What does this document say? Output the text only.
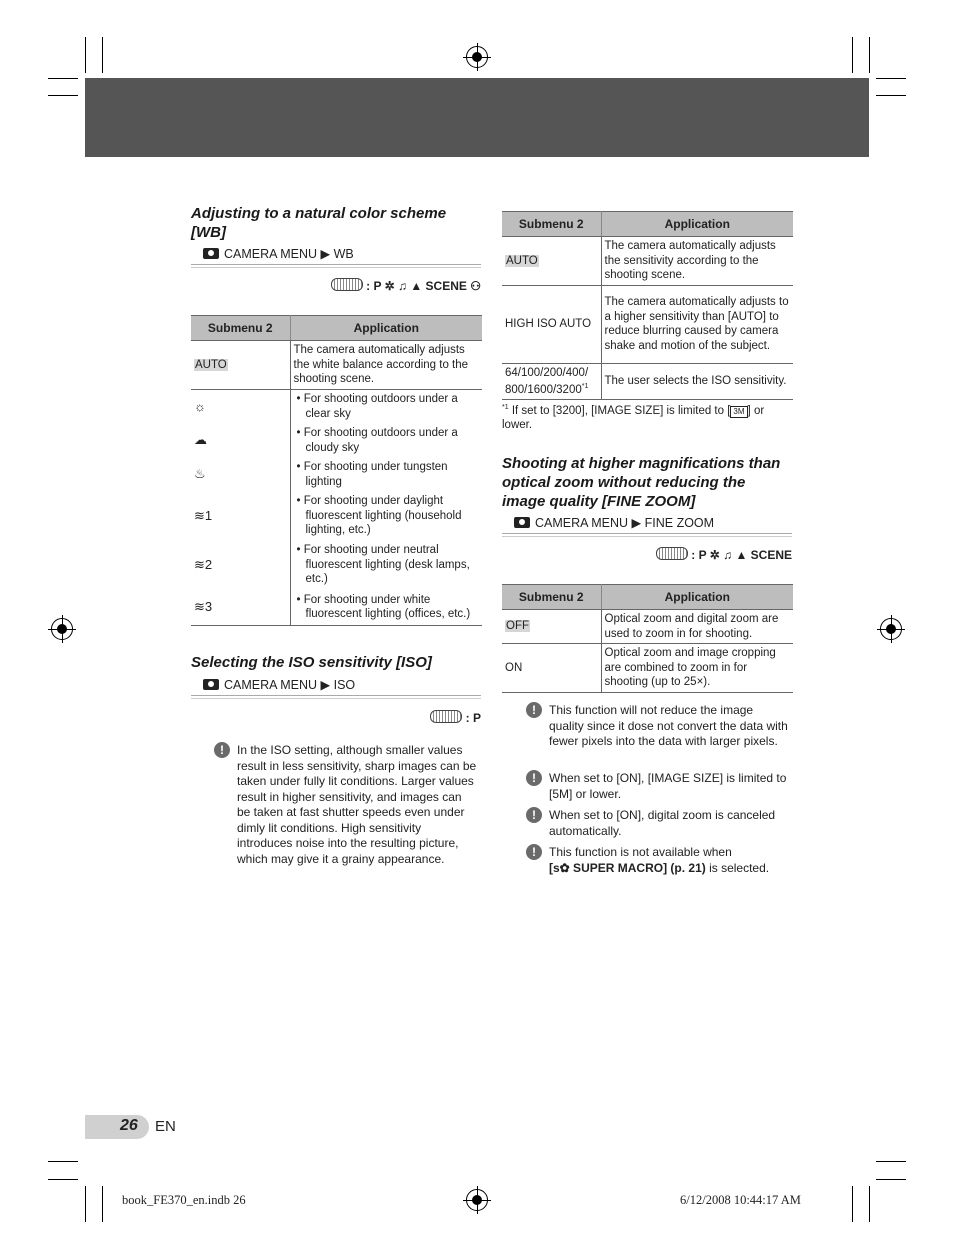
Adjusting to a natural color scheme
[WB]
CAMERA MENU ▶ WB
: P ✲ ♫ ▲ SCENE ⚇
Submenu 2	Application
AUTO	The camera automatically adjusts the white balance according to the shooting scene.
☼	• For shooting outdoors under a clear sky

☁	• For shooting outdoors under a cloudy sky

♨	• For shooting under tungsten lighting

≋1	• For shooting under daylight fluorescent lighting (household lighting, etc.)

≋2	• For shooting under neutral fluorescent lighting (desk lamps, etc.)

≋3	• For shooting under white fluorescent lighting (offices, etc.)
Selecting the ISO sensitivity [ISO]
CAMERA MENU ▶ ISO
: P
!	In the ISO setting, although smaller values result in less sensitivity, sharp images can be taken under fully lit conditions. Larger values result in higher sensitivity, and images can be taken at fast shutter speeds even under dimly lit conditions. High sensitivity introduces noise into the resulting picture, which may give it a grainy appearance.
Submenu 2	Application
AUTO	The camera automatically adjusts the sensitivity according to the shooting scene.
HIGH ISO AUTO	The camera automatically adjusts to a higher sensitivity than [AUTO] to reduce blurring caused by camera shake and motion of the subject.
64/100/200/400/ 800/1600/3200$^{*1}$	The user selects the ISO sensitivity.
$^{*1}$ If set to [3200], [IMAGE SIZE] is limited to [ 3M ] or lower.
Shooting at higher magnifications than
optical zoom without reducing the
image quality [FINE ZOOM]
CAMERA MENU ▶ FINE ZOOM
: P ✲ ♫ ▲ SCENE
Submenu 2	Application
OFF	Optical zoom and digital zoom are used to zoom in for shooting.
ON	Optical zoom and image cropping are combined to zoom in for shooting (up to 25×).
!	This function will not reduce the image quality since it dose not convert the data with fewer pixels into the data with larger pixels.
!	When set to [ON], [IMAGE SIZE] is limited to [5M] or lower.
!	When set to [ON], digital zoom is canceled automatically.
!	This function is not available when
[s✿ SUPER MACRO] (p. 21) is selected.
26 EN
book_FE370_en.indb 26	6/12/2008 10:44:17 AM
